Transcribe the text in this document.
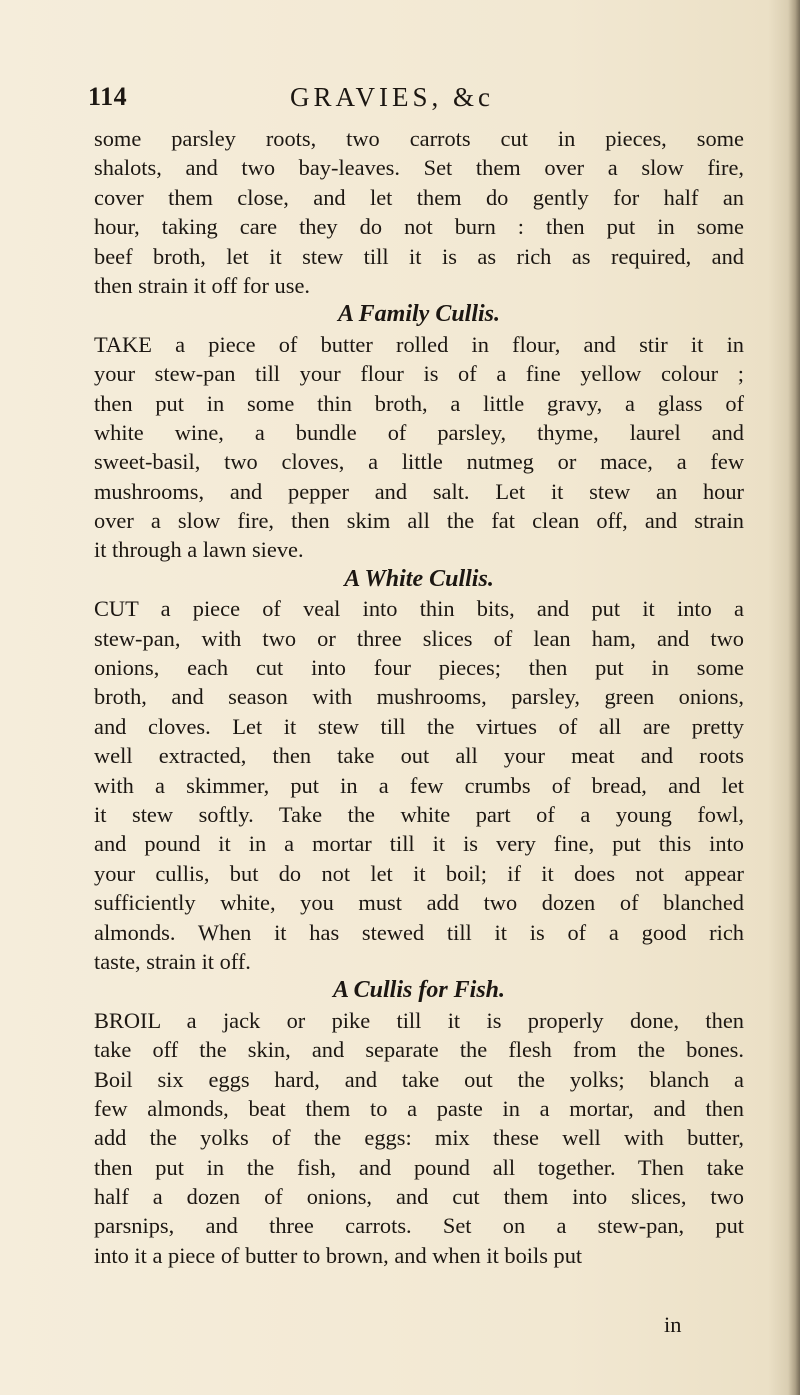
114	GRAVIES, &c
some parsley roots, two carrots cut in pieces, some
shalots, and two bay-leaves. Set them over a slow fire,
cover them close, and let them do gently for half an
hour, taking care they do not burn : then put in some
beef broth, let it stew till it is as rich as required, and
then strain it off for use.
A Family Cullis.
TAKE a piece of butter rolled in flour, and stir it in
your stew-pan till your flour is of a fine yellow colour ;
then put in some thin broth, a little gravy, a glass of
white wine, a bundle of parsley, thyme, laurel and
sweet-basil, two cloves, a little nutmeg or mace, a few
mushrooms, and pepper and salt. Let it stew an hour
over a slow fire, then skim all the fat clean off, and strain
it through a lawn sieve.
A White Cullis.
CUT a piece of veal into thin bits, and put it into a
stew-pan, with two or three slices of lean ham, and two
onions, each cut into four pieces; then put in some
broth, and season with mushrooms, parsley, green onions,
and cloves. Let it stew till the virtues of all are pretty
well extracted, then take out all your meat and roots
with a skimmer, put in a few crumbs of bread, and let
it stew softly. Take the white part of a young fowl,
and pound it in a mortar till it is very fine, put this into
your cullis, but do not let it boil; if it does not appear
sufficiently white, you must add two dozen of blanched
almonds. When it has stewed till it is of a good rich
taste, strain it off.
A Cullis for Fish.
BROIL a jack or pike till it is properly done, then
take off the skin, and separate the flesh from the bones.
Boil six eggs hard, and take out the yolks; blanch a
few almonds, beat them to a paste in a mortar, and then
add the yolks of the eggs: mix these well with butter,
then put in the fish, and pound all together. Then take
half a dozen of onions, and cut them into slices, two
parsnips, and three carrots. Set on a stew-pan, put
into it a piece of butter to brown, and when it boils put
in
